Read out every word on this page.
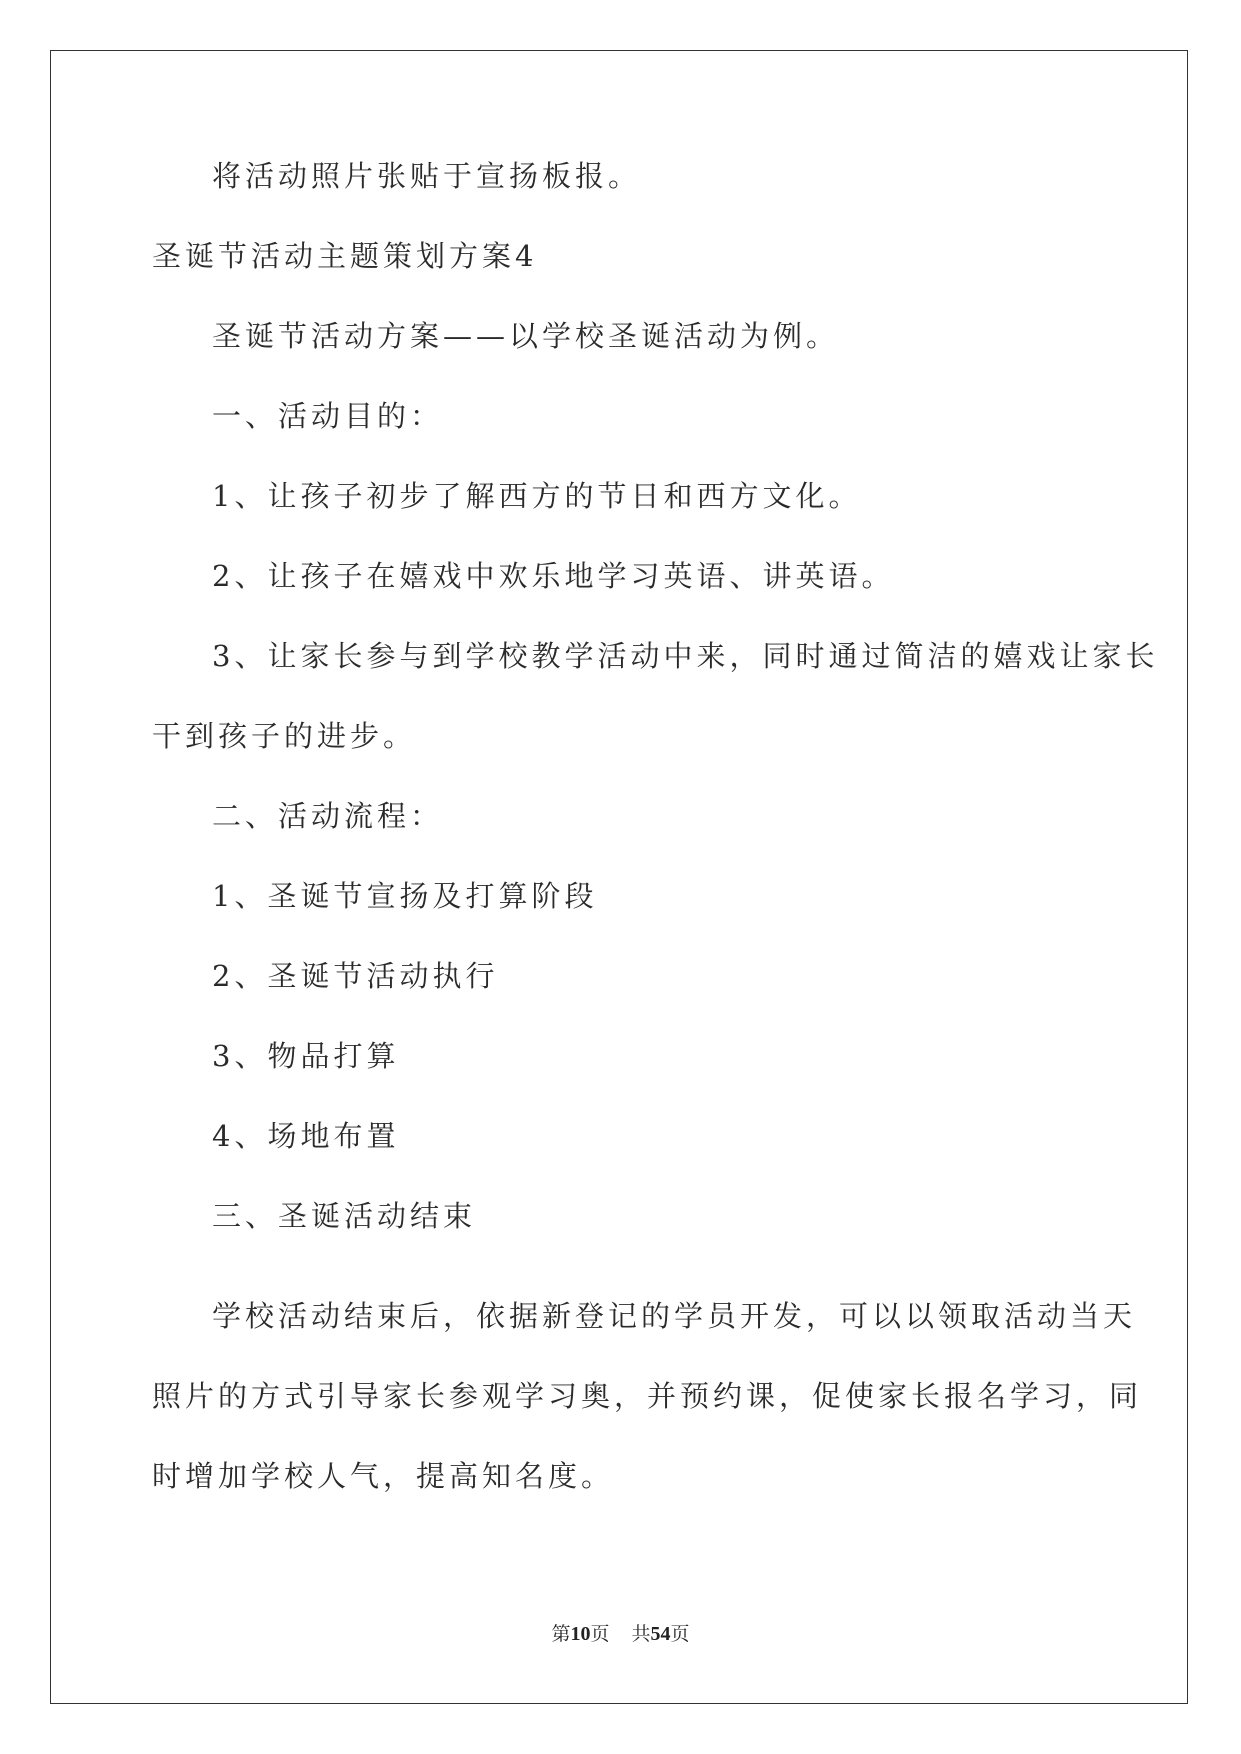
将活动照片张贴于宣扬板报。
圣诞节活动主题策划方案4
圣诞节活动方案——以学校圣诞活动为例。
一、活动目的：
1、让孩子初步了解西方的节日和西方文化。
2、让孩子在嬉戏中欢乐地学习英语、讲英语。
3、让家长参与到学校教学活动中来，同时通过简洁的嬉戏让家长
干到孩子的进步。
二、活动流程：
1、圣诞节宣扬及打算阶段
2、圣诞节活动执行
3、物品打算
4、场地布置
三、圣诞活动结束
学校活动结束后，依据新登记的学员开发，可以以领取活动当天
照片的方式引导家长参观学习奥，并预约课，促使家长报名学习，同
时增加学校人气，提高知名度。
第10页 共54页
